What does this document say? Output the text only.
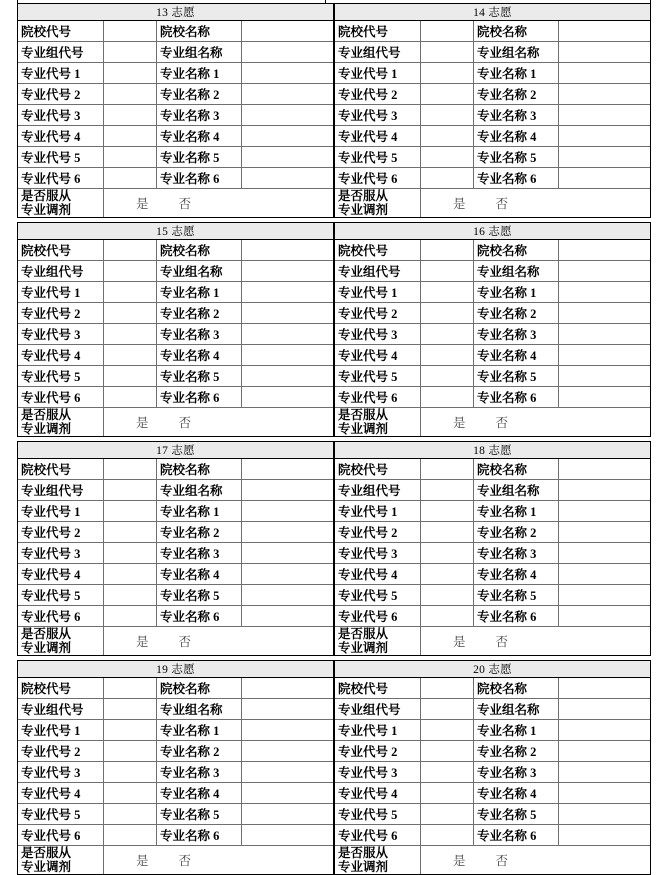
13 志愿
院校代号	院校名称
专业组代号	专业组名称
专业代号 1	专业名称 1
专业代号 2	专业名称 2
专业代号 3	专业名称 3
专业代号 4	专业名称 4
专业代号 5	专业名称 5
专业代号 6	专业名称 6
是否服从
专业调剂	是 否
14 志愿
院校代号	院校名称
专业组代号	专业组名称
专业代号 1	专业名称 1
专业代号 2	专业名称 2
专业代号 3	专业名称 3
专业代号 4	专业名称 4
专业代号 5	专业名称 5
专业代号 6	专业名称 6
是否服从
专业调剂	是 否
15 志愿
院校代号	院校名称
专业组代号	专业组名称
专业代号 1	专业名称 1
专业代号 2	专业名称 2
专业代号 3	专业名称 3
专业代号 4	专业名称 4
专业代号 5	专业名称 5
专业代号 6	专业名称 6
是否服从
专业调剂	是 否
16 志愿
院校代号	院校名称
专业组代号	专业组名称
专业代号 1	专业名称 1
专业代号 2	专业名称 2
专业代号 3	专业名称 3
专业代号 4	专业名称 4
专业代号 5	专业名称 5
专业代号 6	专业名称 6
是否服从
专业调剂	是 否
17 志愿
院校代号	院校名称
专业组代号	专业组名称
专业代号 1	专业名称 1
专业代号 2	专业名称 2
专业代号 3	专业名称 3
专业代号 4	专业名称 4
专业代号 5	专业名称 5
专业代号 6	专业名称 6
是否服从
专业调剂	是 否
18 志愿
院校代号	院校名称
专业组代号	专业组名称
专业代号 1	专业名称 1
专业代号 2	专业名称 2
专业代号 3	专业名称 3
专业代号 4	专业名称 4
专业代号 5	专业名称 5
专业代号 6	专业名称 6
是否服从
专业调剂	是 否
19 志愿
院校代号	院校名称
专业组代号	专业组名称
专业代号 1	专业名称 1
专业代号 2	专业名称 2
专业代号 3	专业名称 3
专业代号 4	专业名称 4
专业代号 5	专业名称 5
专业代号 6	专业名称 6
是否服从
专业调剂	是 否
20 志愿
院校代号	院校名称
专业组代号	专业组名称
专业代号 1	专业名称 1
专业代号 2	专业名称 2
专业代号 3	专业名称 3
专业代号 4	专业名称 4
专业代号 5	专业名称 5
专业代号 6	专业名称 6
是否服从
专业调剂	是 否
